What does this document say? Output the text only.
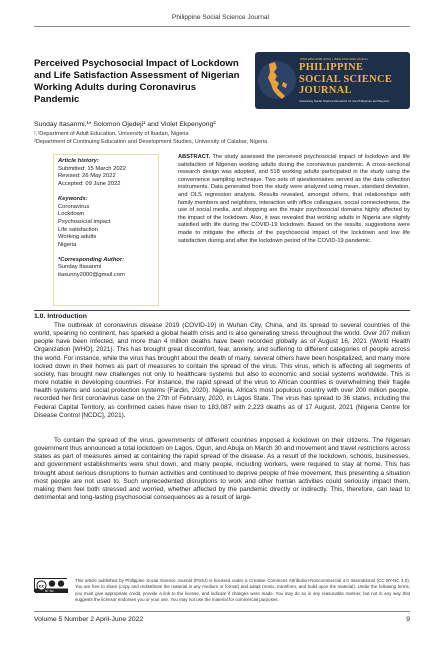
Philippine Social Science Journal
Perceived Psychosocial Impact of Lockdown and Life Satisfaction Assessment of Nigerian Working Adults during Coronavirus Pandemic
ISSN 2651-0209 (Print) • ISSN 2704-3010 (Online)
PHILIPPINE
SOCIAL SCIENCE
JOURNAL
Advancing Social Science Research for the Philippines and Beyond
Sunday Itasanmi,¹* Solomon Ojedeji¹ and Violet Ekpenyong²
¹,¹Department of Adult Education, University of Ibadan, Nigeria
²Department of Continuing Education and Development Studies, University of Calabar, Nigeria
Article history:
Submitted: 15 March 2022
Revised: 26 May 2022
Accepted: 09 June 2022
Keywords:
Coronavirus
Lockdown
Psychosocial impact
Life satisfaction
Working adults
Nigeria
*Corresponding Author:
Sunday Itasanmi
itasunny2000@gmail.com
ABSTRACT. The study assessed the perceived psychosocial impact of lockdown and life satisfaction of Nigerian working adults during the coronavirus pandemic. A cross-sectional research design was adopted, and 518 working adults participated in the study using the convenience sampling technique. Two sets of questionnaires served as the data collection instruments. Data generated from the study were analyzed using mean, standard deviation, and OLS regression analysis. Results revealed, amongst others, that relationships with family members and neighbors, interaction with office colleagues, social connectedness, the use of social media, and shopping are the major psychosocial domains highly affected by the impact of the lockdown. Also, it was revealed that working adults in Nigeria are slightly satisfied with life during the COVID-19 lockdown. Based on the results, suggestions were made to mitigate the effects of the psychosocial impact of the lockdown and low life satisfaction during and after the lockdown period of the COVID-19 pandemic.
1.0. Introduction

The outbreak of coronavirus disease 2019 (COVID-19) in Wuhan City, China, and its spread to several countries of the world, spearing no continent, has sparked a global health crisis and is also generating stress throughout the world. Over 207 million people have been infected, and more than 4 million deaths have been recorded globally as of August 16, 2021 (World Health Organization [WHO], 2021). This has brought great discomfort, fear, anxiety, and suffering to different categories of people across the world. For instance, while the virus has brought about the death of many, several others have been hospitalized, and many more locked down in their homes as part of measures to contain the spread of the virus. This virus, which is affecting all segments of society, has brought new challenges not only to healthcare systems but also to economic and social systems worldwide. This is more notable in developing countries. For instance, the rapid spread of the virus to African countries is overwhelming their fragile health systems and social protection systems (Fardin, 2020). Nigeria, Africa's most populous country with over 200 million people, recorded her first coronavirus case on the 27th of February, 2020, in Lagos State. The virus has spread to 36 states, including the Federal Capital Territory, as confirmed cases have risen to 183,087 with 2,223 deaths as of 17 August, 2021 (Nigeria Centre for Disease Control [NCDC], 2021).

To contain the spread of the virus, governments of different countries imposed a lockdown on their citizens. The Nigerian government thus announced a total lockdown on Lagos, Ogun, and Abuja on March 30 and movement and travel restrictions across states as part of measures aimed at containing the rapid spread of the disease. As a result of the lockdown, schools, businesses, and government establishments were shut down, and many people, including workers, were required to stay at home. This has brought about serious disruptions to human activities and continued to deprive people of free movement, thus presenting a situation most people are not used to. Such unprecedented disruptions to work and other human activities could seriously impact them, making them feel both stressed and worried, whether affected by the pandemic directly or indirectly. This, therefore, can lead to detrimental and long-lasting psychosocial consequences as a result of large-

cc
BY NC
This article published by Philippine Social Science Journal (PSSJ) is licensed under a Creative Commons Attribution-Noncommercial 4.0 International (CC BY-NC 4.0). You are free to share (copy and redistribute the material in any medium or format) and adapt (remix, transform, and build upon the material). Under the following terms, you must give appropriate credit, provide a link to the license, and indicate if changes were made. You may do so in any reasonable manner, but not in any way that suggests the licensor endorses you or your use. You may not use the material for commercial purposes.
Volume 5 Number 2 April-June 2022	9
